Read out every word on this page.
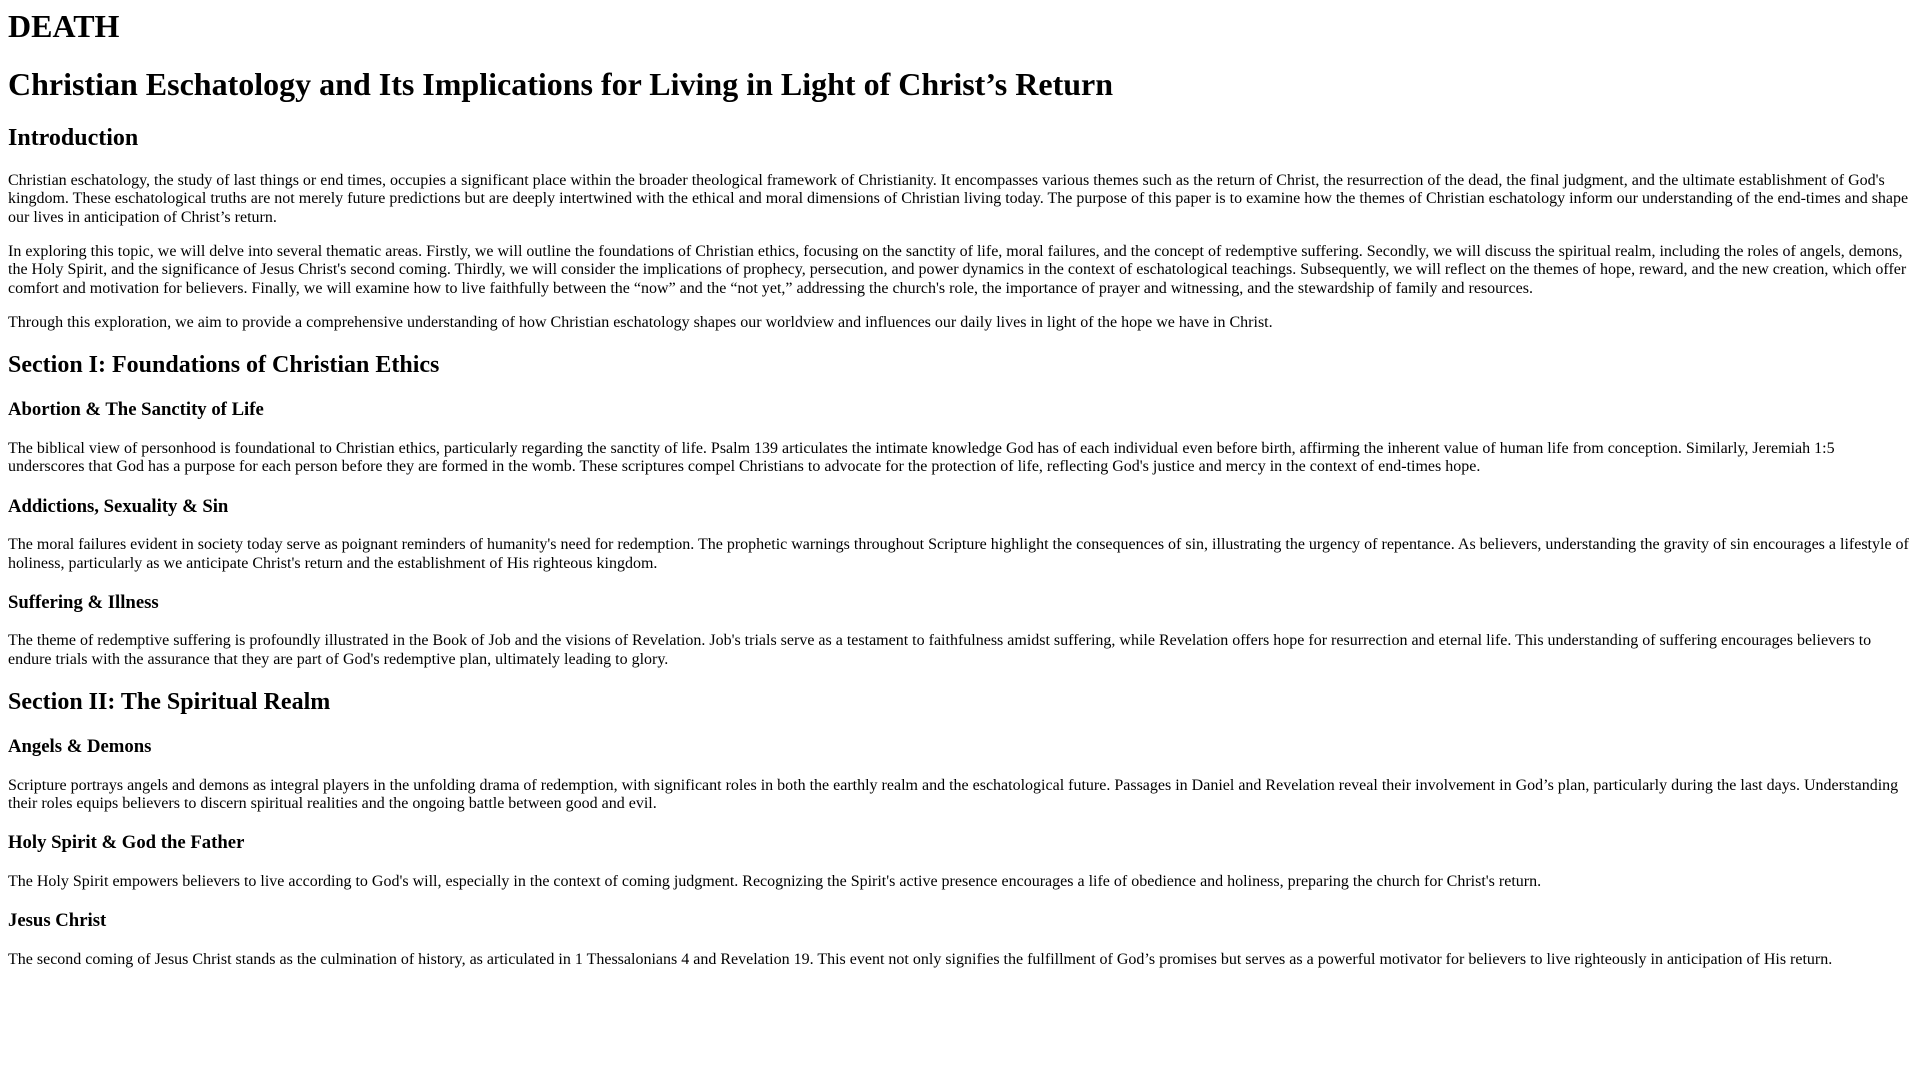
DEATH
Christian Eschatology and Its Implications for Living in Light of Christ’s Return
Introduction

Christian eschatology, the study of last things or end times, occupies a significant place within the broader theological framework of Christianity. It encompasses various themes such as the return of Christ, the resurrection of the dead, the final judgment, and the ultimate establishment of God's kingdom. These eschatological truths are not merely future predictions but are deeply intertwined with the ethical and moral dimensions of Christian living today. The purpose of this paper is to examine how the themes of Christian eschatology inform our understanding of the end-times and shape our lives in anticipation of Christ’s return.

In exploring this topic, we will delve into several thematic areas. Firstly, we will outline the foundations of Christian ethics, focusing on the sanctity of life, moral failures, and the concept of redemptive suffering. Secondly, we will discuss the spiritual realm, including the roles of angels, demons, the Holy Spirit, and the significance of Jesus Christ's second coming. Thirdly, we will consider the implications of prophecy, persecution, and power dynamics in the context of eschatological teachings. Subsequently, we will reflect on the themes of hope, reward, and the new creation, which offer comfort and motivation for believers. Finally, we will examine how to live faithfully between the “now” and the “not yet,” addressing the church's role, the importance of prayer and witnessing, and the stewardship of family and resources.

Through this exploration, we aim to provide a comprehensive understanding of how Christian eschatology shapes our worldview and influences our daily lives in light of the hope we have in Christ.

Section I: Foundations of Christian Ethics
Abortion & The Sanctity of Life

The biblical view of personhood is foundational to Christian ethics, particularly regarding the sanctity of life. Psalm 139 articulates the intimate knowledge God has of each individual even before birth, affirming the inherent value of human life from conception. Similarly, Jeremiah 1:5 underscores that God has a purpose for each person before they are formed in the womb. These scriptures compel Christians to advocate for the protection of life, reflecting God's justice and mercy in the context of end-times hope.

Addictions, Sexuality & Sin

The moral failures evident in society today serve as poignant reminders of humanity's need for redemption. The prophetic warnings throughout Scripture highlight the consequences of sin, illustrating the urgency of repentance. As believers, understanding the gravity of sin encourages a lifestyle of holiness, particularly as we anticipate Christ's return and the establishment of His righteous kingdom.

Suffering & Illness

The theme of redemptive suffering is profoundly illustrated in the Book of Job and the visions of Revelation. Job's trials serve as a testament to faithfulness amidst suffering, while Revelation offers hope for resurrection and eternal life. This understanding of suffering encourages believers to endure trials with the assurance that they are part of God's redemptive plan, ultimately leading to glory.

Section II: The Spiritual Realm
Angels & Demons

Scripture portrays angels and demons as integral players in the unfolding drama of redemption, with significant roles in both the earthly realm and the eschatological future. Passages in Daniel and Revelation reveal their involvement in God’s plan, particularly during the last days. Understanding their roles equips believers to discern spiritual realities and the ongoing battle between good and evil.

Holy Spirit & God the Father

The Holy Spirit empowers believers to live according to God's will, especially in the context of coming judgment. Recognizing the Spirit's active presence encourages a life of obedience and holiness, preparing the church for Christ's return.

Jesus Christ

The second coming of Jesus Christ stands as the culmination of history, as articulated in 1 Thessalonians 4 and Revelation 19. This event not only signifies the fulfillment of God’s promises but serves as a powerful motivator for believers to live righteously in anticipation of His return.
